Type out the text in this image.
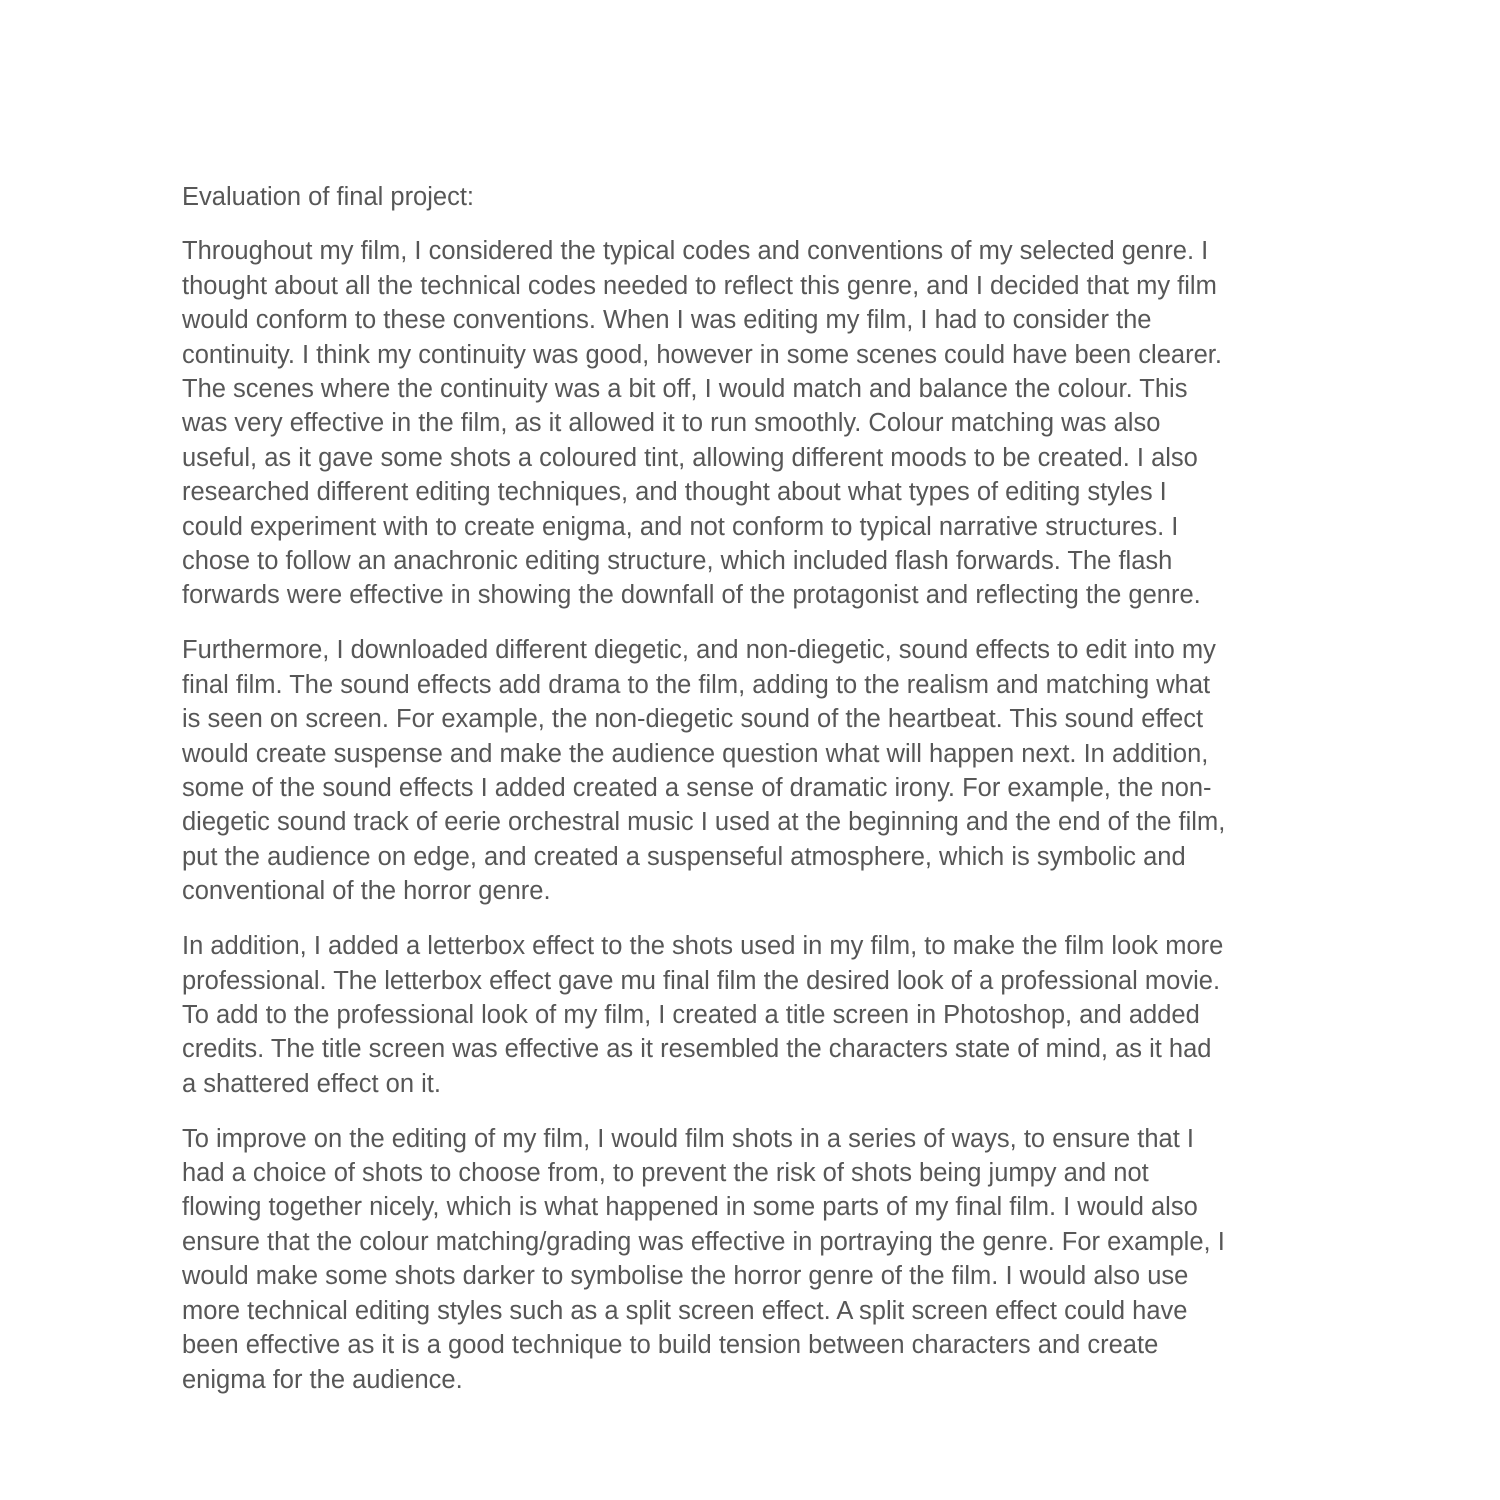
Evaluation of final project:
Throughout my film, I considered the typical codes and conventions of my selected genre. I
thought about all the technical codes needed to reflect this genre, and I decided that my film
would conform to these conventions. When I was editing my film, I had to consider the
continuity. I think my continuity was good, however in some scenes could have been clearer.
The scenes where the continuity was a bit off, I would match and balance the colour. This
was very effective in the film, as it allowed it to run smoothly. Colour matching was also
useful, as it gave some shots a coloured tint, allowing different moods to be created. I also
researched different editing techniques, and thought about what types of editing styles I
could experiment with to create enigma, and not conform to typical narrative structures. I
chose to follow an anachronic editing structure, which included flash forwards. The flash
forwards were effective in showing the downfall of the protagonist and reflecting the genre.
Furthermore, I downloaded different diegetic, and non-diegetic, sound effects to edit into my
final film. The sound effects add drama to the film, adding to the realism and matching what
is seen on screen. For example, the non-diegetic sound of the heartbeat. This sound effect
would create suspense and make the audience question what will happen next. In addition,
some of the sound effects I added created a sense of dramatic irony. For example, the non-
diegetic sound track of eerie orchestral music I used at the beginning and the end of the film,
put the audience on edge, and created a suspenseful atmosphere, which is symbolic and
conventional of the horror genre.
In addition, I added a letterbox effect to the shots used in my film, to make the film look more
professional. The letterbox effect gave mu final film the desired look of a professional movie.
To add to the professional look of my film, I created a title screen in Photoshop, and added
credits. The title screen was effective as it resembled the characters state of mind, as it had
a shattered effect on it.
To improve on the editing of my film, I would film shots in a series of ways, to ensure that I
had a choice of shots to choose from, to prevent the risk of shots being jumpy and not
flowing together nicely, which is what happened in some parts of my final film. I would also
ensure that the colour matching/grading was effective in portraying the genre. For example, I
would make some shots darker to symbolise the horror genre of the film. I would also use
more technical editing styles such as a split screen effect. A split screen effect could have
been effective as it is a good technique to build tension between characters and create
enigma for the audience.
